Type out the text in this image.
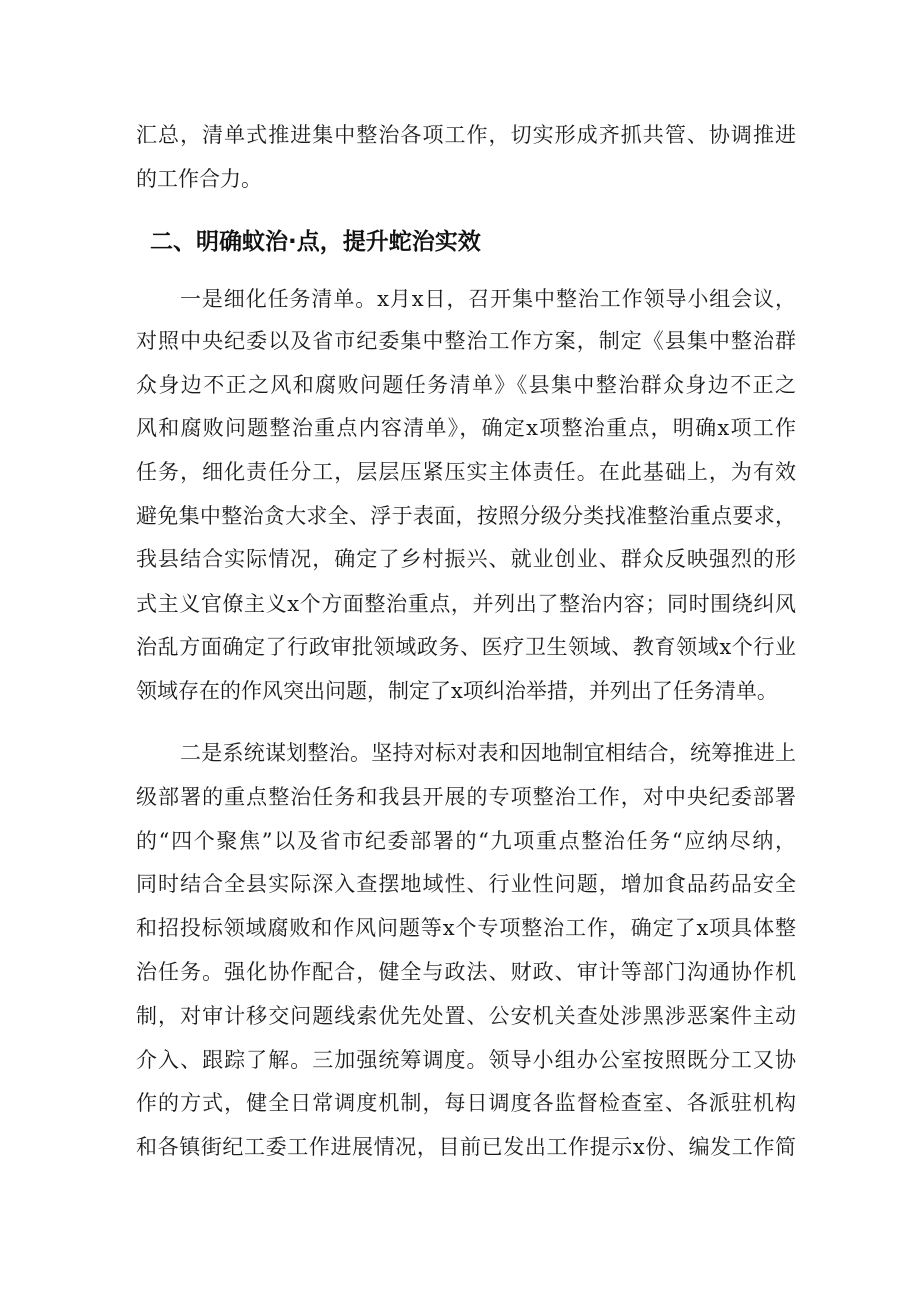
汇总，清单式推进集中整治各项工作，切实形成齐抓共管、协调推进
的工作合力。
二、明确蚊治·点，提升蛇治实效
一是细化任务清单。x月x日，召开集中整治工作领导小组会议，
对照中央纪委以及省市纪委集中整治工作方案，制定《县集中整治群
众身边不正之风和腐败问题任务清单》《县集中整治群众身边不正之
风和腐败问题整治重点内容清单》，确定x项整治重点，明确x项工作
任务，细化责任分工，层层压紧压实主体责任。在此基础上，为有效
避免集中整治贪大求全、浮于表面，按照分级分类找准整治重点要求，
我县结合实际情况，确定了乡村振兴、就业创业、群众反映强烈的形
式主义官僚主义x个方面整治重点，并列出了整治内容；同时围绕纠风
治乱方面确定了行政审批领域政务、医疗卫生领域、教育领域x个行业
领域存在的作风突出问题，制定了x项纠治举措，并列出了任务清单。
二是系统谋划整治。坚持对标对表和因地制宜相结合，统筹推进上
级部署的重点整治任务和我县开展的专项整治工作，对中央纪委部署
的“四个聚焦”以及省市纪委部署的“九项重点整治任务“应纳尽纳，
同时结合全县实际深入查摆地域性、行业性问题，增加食品药品安全
和招投标领域腐败和作风问题等x个专项整治工作，确定了x项具体整
治任务。强化协作配合，健全与政法、财政、审计等部门沟通协作机
制，对审计移交问题线索优先处置、公安机关查处涉黑涉恶案件主动
介入、跟踪了解。三加强统筹调度。领导小组办公室按照既分工又协
作的方式，健全日常调度机制，每日调度各监督检查室、各派驻机构
和各镇街纪工委工作进展情况，目前已发出工作提示x份、编发工作简
